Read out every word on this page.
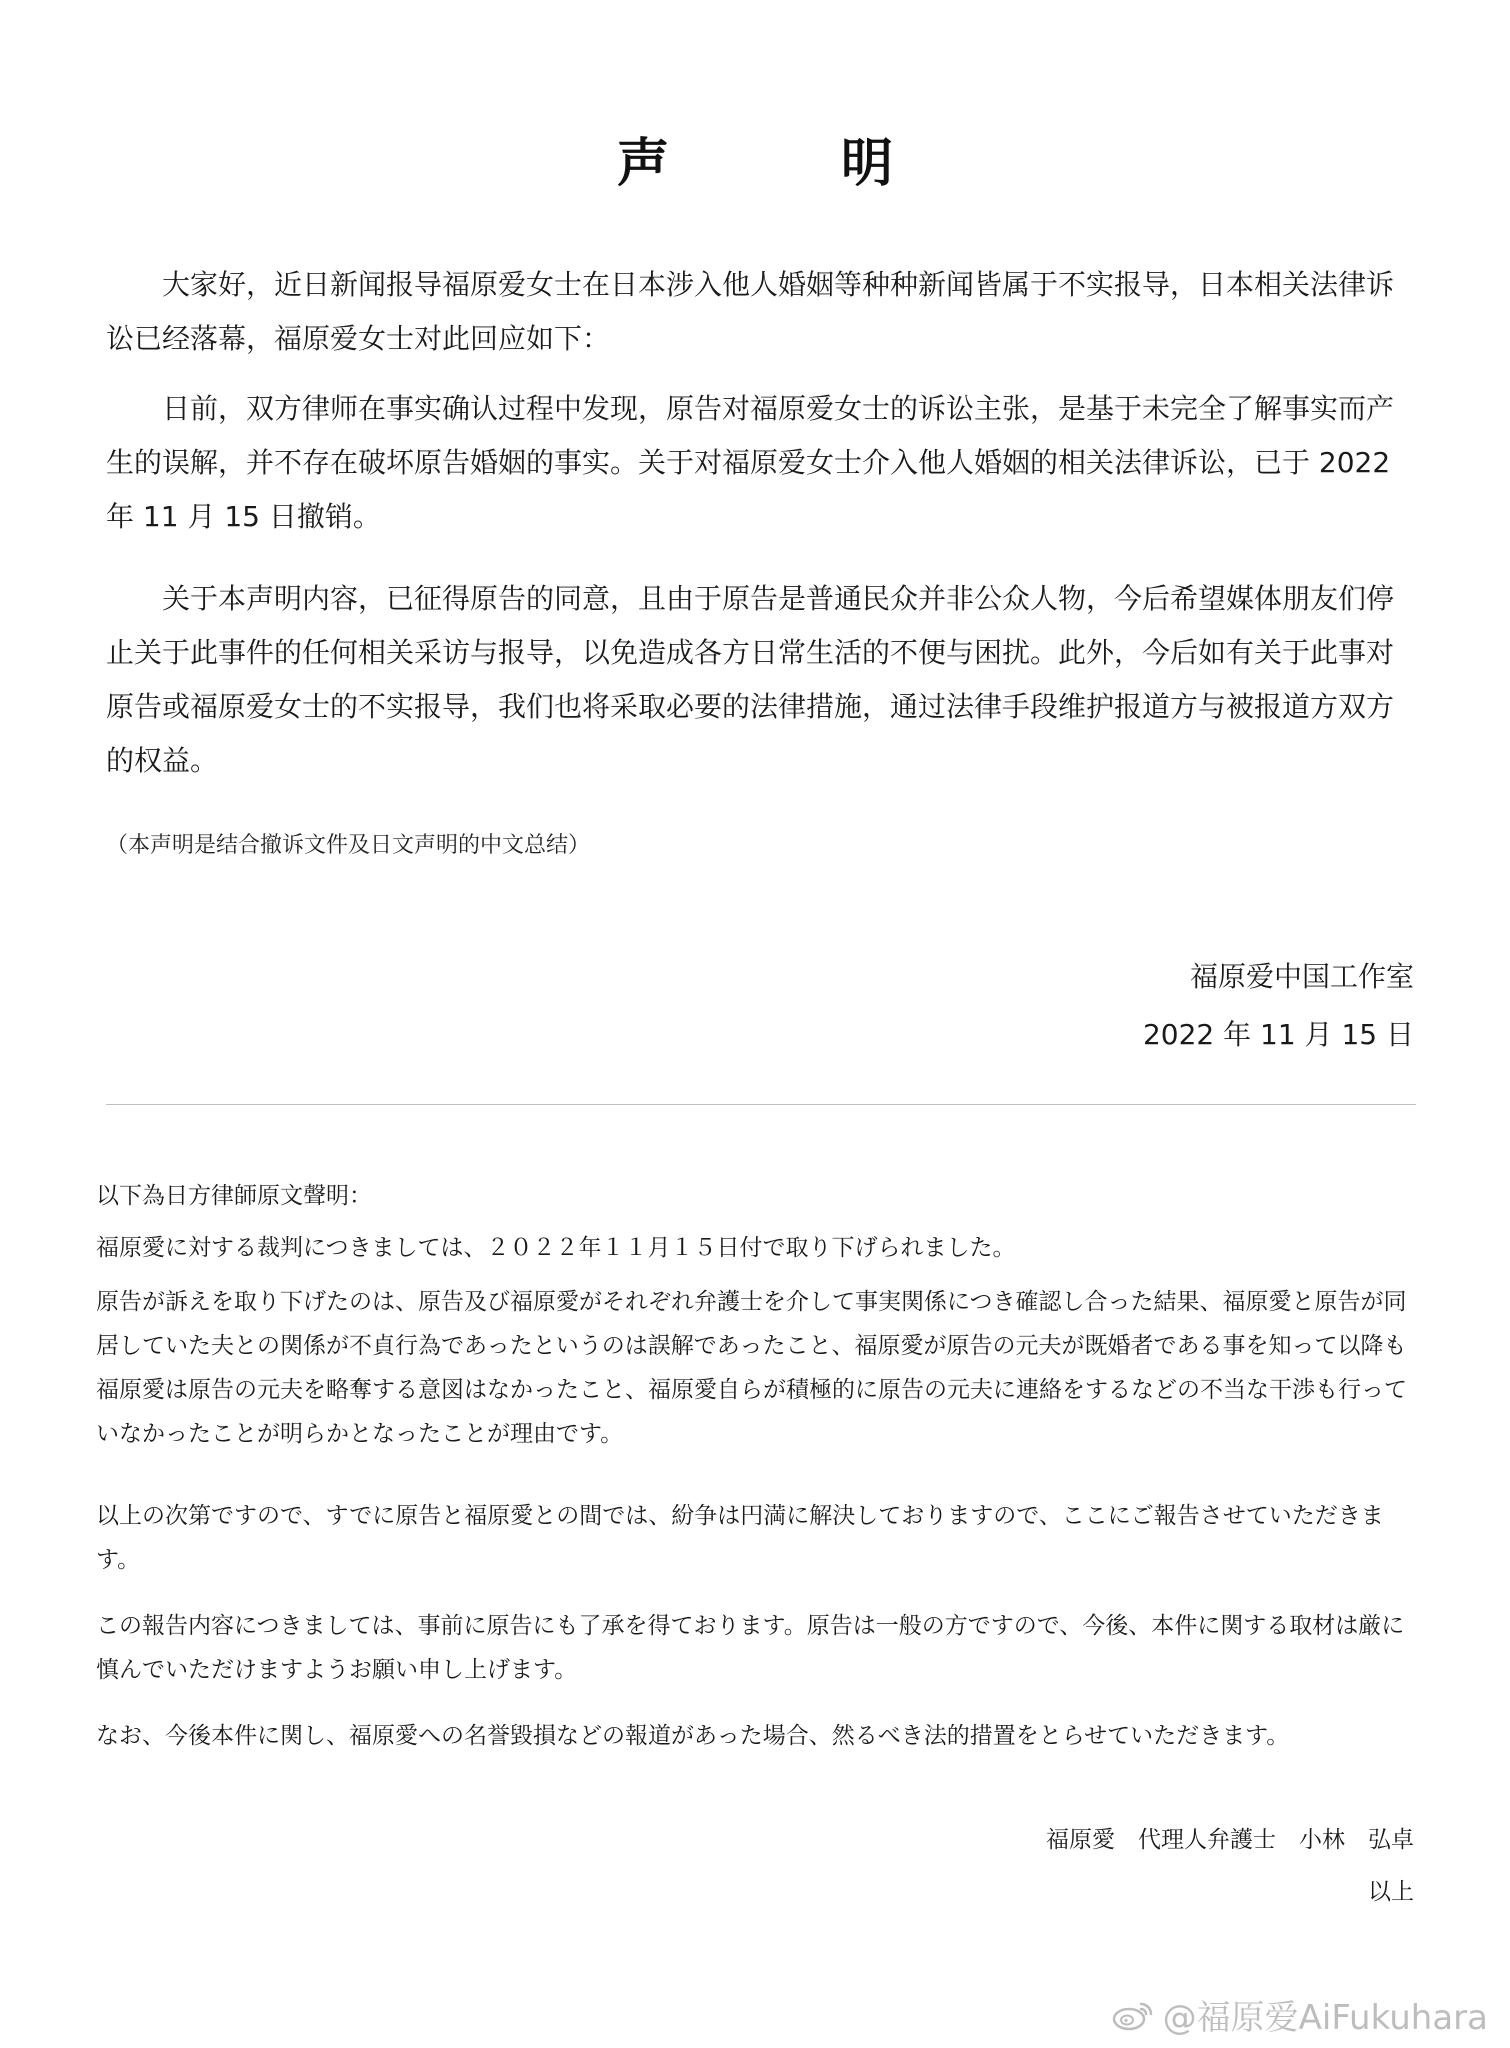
声　明

大家好，近日新闻报导福原爱女士在日本涉入他人婚姻等种种新闻皆属于不实报导，日本相关法律诉讼已经落幕，福原爱女士对此回应如下：

日前，双方律师在事实确认过程中发现，原告对福原爱女士的诉讼主张，是基于未完全了解事实而产生的误解，并不存在破坏原告婚姻的事实。关于对福原爱女士介入他人婚姻的相关法律诉讼，已于 2022 年 11 月 15 日撤销。

关于本声明内容，已征得原告的同意，且由于原告是普通民众并非公众人物，今后希望媒体朋友们停止关于此事件的任何相关采访与报导，以免造成各方日常生活的不便与困扰。此外，今后如有关于此事对原告或福原爱女士的不实报导，我们也将采取必要的法律措施，通过法律手段维护报道方与被报道方双方的权益。

（本声明是结合撤诉文件及日文声明的中文总结）
福原爱中国工作室
2022 年 11 月 15 日

以下為日方律師原文聲明：

福原愛に対する裁判につきましては、２０２２年１１月１５日付で取り下げられました。

原告が訴えを取り下げたのは、原告及び福原愛がそれぞれ弁護士を介して事実関係につき確認し合った結果、福原愛と原告が同居していた夫との関係が不貞行為であったというのは誤解であったこと、福原愛が原告の元夫が既婚者である事を知って以降も福原愛は原告の元夫を略奪する意図はなかったこと、福原愛自らが積極的に原告の元夫に連絡をするなどの不当な干渉も行っていなかったことが明らかとなったことが理由です。

以上の次第ですので、すでに原告と福原愛との間では、紛争は円満に解決しておりますので、ここにご報告させていただきます。

この報告内容につきましては、事前に原告にも了承を得ております。原告は一般の方ですので、今後、本件に関する取材は厳に慎んでいただけますようお願い申し上げます。

なお、今後本件に関し、福原愛への名誉毀損などの報道があった場合、然るべき法的措置をとらせていただきます。

福原愛　代理人弁護士　小林　弘卓
以上
@福原爱AiFukuhara
